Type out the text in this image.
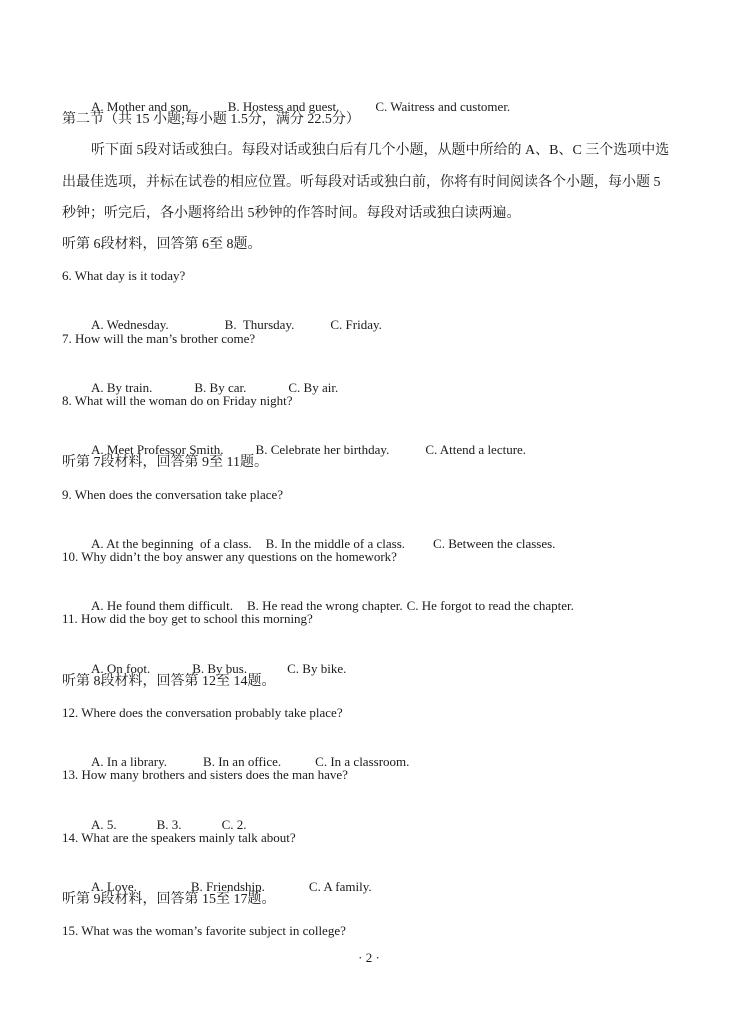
A. Mother and son.	B. Hostess and guest.	C. Waitress and customer.

第二节（共 15 小题;每小题 1.5分，满分 22.5分）
听下面 5段对话或独白。每段对话或独白后有几个小题，从题中所给的 A、B、C 三个选项中选
出最佳选项，并标在试卷的相应位置。听每段对话或独白前，你将有时间阅读各个小题，每小题 5
秒钟；听完后，各小题将给出 5秒钟的作答时间。每段对话或独白读两遍。
听第 6段材料，回答第 6至 8题。
6. What day is it today?

A. Wednesday.	B.  Thursday.	C. Friday.

7. How will the man’s brother come?

A. By train.	B. By car.	C. By air.

8. What will the woman do on Friday night?

A. Meet Professor Smith. B. Celebrate her birthday.	C. Attend a lecture.

听第 7段材料，回答第 9至 11题。
9. When does the conversation take place?

A. At the beginning  of a class. B. In the middle of a class. C. Between the classes.

10. Why didn’t the boy answer any questions on the homework?

A. He found them difficult. B. He read the wrong chapter. C. He forgot to read the chapter.

11. How did the boy get to school this morning?

A. On foot.	B. By bus.	C. By bike.

听第 8段材料，回答第 12至 14题。
12. Where does the conversation probably take place?

A. In a library.	B. In an office.	C. In a classroom.

13. How many brothers and sisters does the man have?

A. 5.	B. 3.	C. 2.

14. What are the speakers mainly talk about?

A. Love.	B. Friendship.	C. A family.

听第 9段材料，回答第 15至 17题。
15. What was the woman’s favorite subject in college?
· 2 ·
